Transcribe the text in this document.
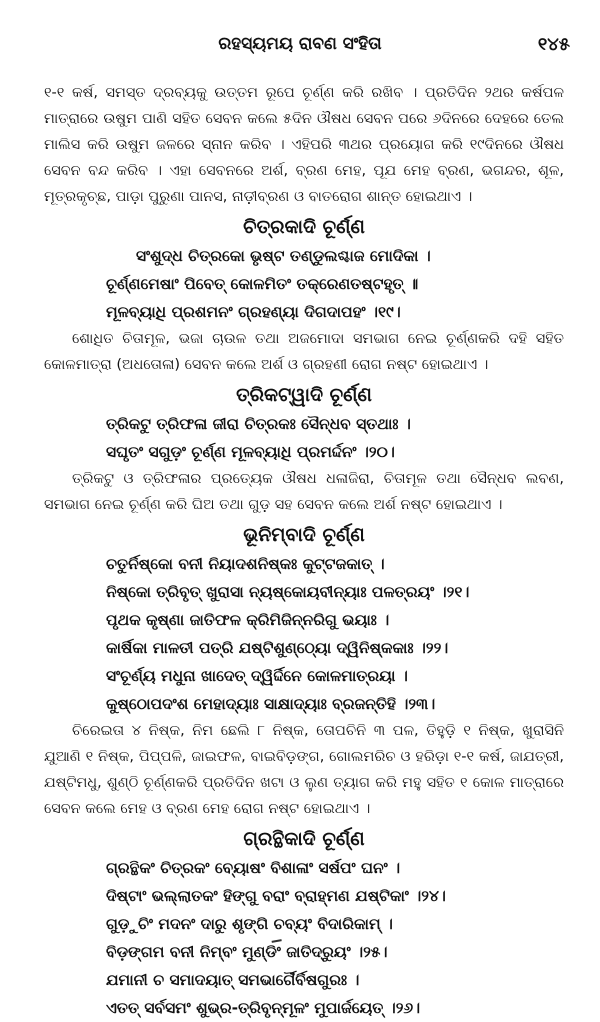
ରହସ୍ୟମୟ ରାବଣ ସଂହିତା	୧୪୫

୧-୧ କର୍ଷ, ସମସ୍ତ ଦ୍ରବ୍ୟକୁ ଉତ୍ତମ ରୂପେ ଚୂର୍ଣ୍ଣ କରି ରଖିବ । ପ୍ରତିଦିନ ୨ଥର କର୍ଷପଳ ମାତ୍ରାରେ ଉଷୁମ ପାଣି ସହିତ ସେବନ କଲେ ୫ଦିନ ଔଷଧ ସେବନ ପରେ ୬ଦିନରେ ଦେହରେ ତେଲ ମାଲିସ କରି ଉଷୁମ ଜଳରେ ସ୍ନାନ କରିବ । ଏହିପରି ୩ଥର ପ୍ରୟୋଗ କରି ୧୯ଦିନରେ ଔଷଧ ସେବନ ବନ୍ଦ କରିବ । ଏହା ସେବନରେ ଅର୍ଶ, ବ୍ରଣ ମେହ, ପୂଯ ମେହ ବ୍ରଣ, ଭଗନ୍ଦର, ଶୂଳ, ମୂତ୍ରକୃଚ୍ଛ, ପାଡ଼ା ପୁରୁଣା ପାନସ, ନାଡ଼ୀବ୍ରଣ ଓ ବାତରୋଗ ଶାନ୍ତ ହୋଇଥାଏ ।

ଚିତ୍ରକାଦି ଚୂର୍ଣ୍ଣ
ସଂଶୁଦ୍ଧ ଚିତ୍ରକୋ ଭୃଷ୍ଟ ତଣ୍ଡୁଲଶ୍ଚାଜ ମୋଦିକା ।
ଚୂର୍ଣ୍ଣମେଷାଂ ପିବେତ୍ କୋଳମିତଂ ତକ୍ରେଣତଷ୍ଟହୃତ୍ ॥
ମୂଳବ୍ୟାଧି ପ୍ରଶମନଂ ଗ୍ରହଣ୍ୟା ଦିଗଦାପହଂ ।୧୯।

ଶୋଧିତ ଚିତାମୂଳ, ଭଜା ଚାଉଳ ତଥା ଅଜମୋଦା ସମଭାଗ ନେଇ ଚୂର୍ଣ୍ଣକରି ଦହି ସହିତ କୋଳମାତ୍ରା (ଅଧତୋଳା) ସେବନ କଲେ ଅର୍ଶ ଓ ଗ୍ରହଣୀ ରୋଗ ନଷ୍ଟ ହୋଇଥାଏ ।

ତ୍ରିକଟ୍ୱାଦି ଚୂର୍ଣ୍ଣ
ତ୍ରିକଟୁ ତ୍ରିଫଳା ଜୀରା ଚିତ୍ରକଃ ସୈନ୍ଧବ ସ୍ତଥାଃ ।
ସଘୃତଂ ସଗୁଡ଼ଂ ଚୂର୍ଣ୍ଣ ମୂଳବ୍ୟାଧି ପ୍ରମର୍ଦ୍ଦନଂ ।୨୦।

ତ୍ରିକଟୁ ଓ ତ୍ରିଫଳାର ପ୍ରତ୍ୟେକ ଔଷଧ ଧଳାଜିରା, ଚିତାମୂଳ ତଥା ସୈନ୍ଧବ ଲବଣ, ସମଭାଗ ନେଇ ଚୂର୍ଣ୍ଣ କରି ଘିଅ ତଥା ଗୁଡ଼ ସହ ସେବନ କଲେ ଅର୍ଶ ନଷ୍ଟ ହୋଇଥାଏ ।

ଭୂନିମ୍ବାଦି ଚୂର୍ଣ୍ଣ
ଚତୁର୍ନିଷ୍କୋ ବନୀ ନିୟାଦଶନିଷ୍କଃ କୁଟ୍ଟଜକାତ୍ ।
ନିଷ୍କୋ ତ୍ରିବୃତ୍ ଖୁରାସା ନ୍ୟଷ୍କୋୟବୀନ୍ୟାଃ ପଳତ୍ରୟଂ ।୨୧।
ପୃଥକ କୃଷ୍ଣା ଜାତିଫଳ କ୍ରିମିଜିନ୍ନରିଗୁ ଭୟାଃ ।
କାର୍ଷିକା ମାଳତୀ ପତ୍ରି ଯଷ୍ଟିଶୁଣ୍ଠ୍ୟୋ ଦ୍ୱିନିଷ୍କକାଃ ।୨୨।
ସଂଚୂର୍ଣ୍ୟ ମଧୁନା ଖାଦେତ୍ ଦ୍ୱିର୍ଦ୍ଦିନେ କୋଳମାତ୍ରୟା ।
କୁଷ୍ଠୋପଦଂଶ ମେହାଦ୍ୟାଃ ସାକ୍ଷାଦ୍ୟାଃ ବ୍ରଜନ୍ତିହି ।୨୩।

ଚିରେଇତା ୪ ନିଷ୍କ, ନିମ ଛେଲି ୮ ନିଷ୍କ, ତୋପଚିନି ୩ ପଳ, ତିହୁଡ଼ି ୧ ନିଷ୍କ, ଖୁରାସିନି ଯୁଆଣି ୧ ନିଷ୍କ, ପିପ୍ପଳି, ଜାଇଫଳ, ବାଇବିଡ଼ଙ୍ଗ, ଗୋଲମରିଚ ଓ ହରିଡ଼ା ୧-୧ କର୍ଷ, ଜାଯତ୍ରୀ, ଯଷ୍ଟିମଧୁ, ଶୁଣ୍ଠି ଚୂର୍ଣ୍ଣକରି ପ୍ରତିଦିନ ଖଟା ଓ ଲୁଣ ତ୍ୟାଗ କରି ମହୁ ସହିତ ୧ କୋଳ ମାତ୍ରାରେ ସେବନ କଲେ ମେହ ଓ ବ୍ରଣ ମେହ ରୋଗ ନଷ୍ଟ ହୋଇଥାଏ ।

ଗ୍ରନ୍ଥିକାଦି ଚୂର୍ଣ୍ଣ
ଗ୍ରନ୍ଥିକଂ ଚିତ୍ରକଂ ବ୍ୟୋଷଂ ବିଶାଳାଂ ସର୍ଷପଂ ଘନଂ ।
ଦିଷ୍ଟାଂ ଭଲ୍ଲାତକଂ ହିଙ୍ଗୁ ବରାଂ ବ୍ରାହ୍ମଣ ଯଷ୍ଟିକାଂ ।୨୪।
ଗୁଡ଼ୁଚିଂ ମଦନଂ ଦାରୁ ଶୃଙ୍ଗି ଚବ୍ୟଂ ବିଦାରିକାମ୍ ।
ବିଡ଼ଙ୍ଗମ ବନୀ ନିମ୍ବଂ ମୁଣ୍ଡିଂ ଜାତିଦ୍ରୁୟଂ ।୨୫।
ଯମାନୀ ଚ ସମାଦୟାତ୍ ସମଭାର୍ଗୈର୍ବିଷଗୁରଃ ।
ଏତତ୍ ସର୍ବସମଂ ଶୁଭ୍ର-ତ୍ରିବୃନ୍ମୂଳଂ ମୁପାର୍ଜୟେତ୍ ।୨୬।
